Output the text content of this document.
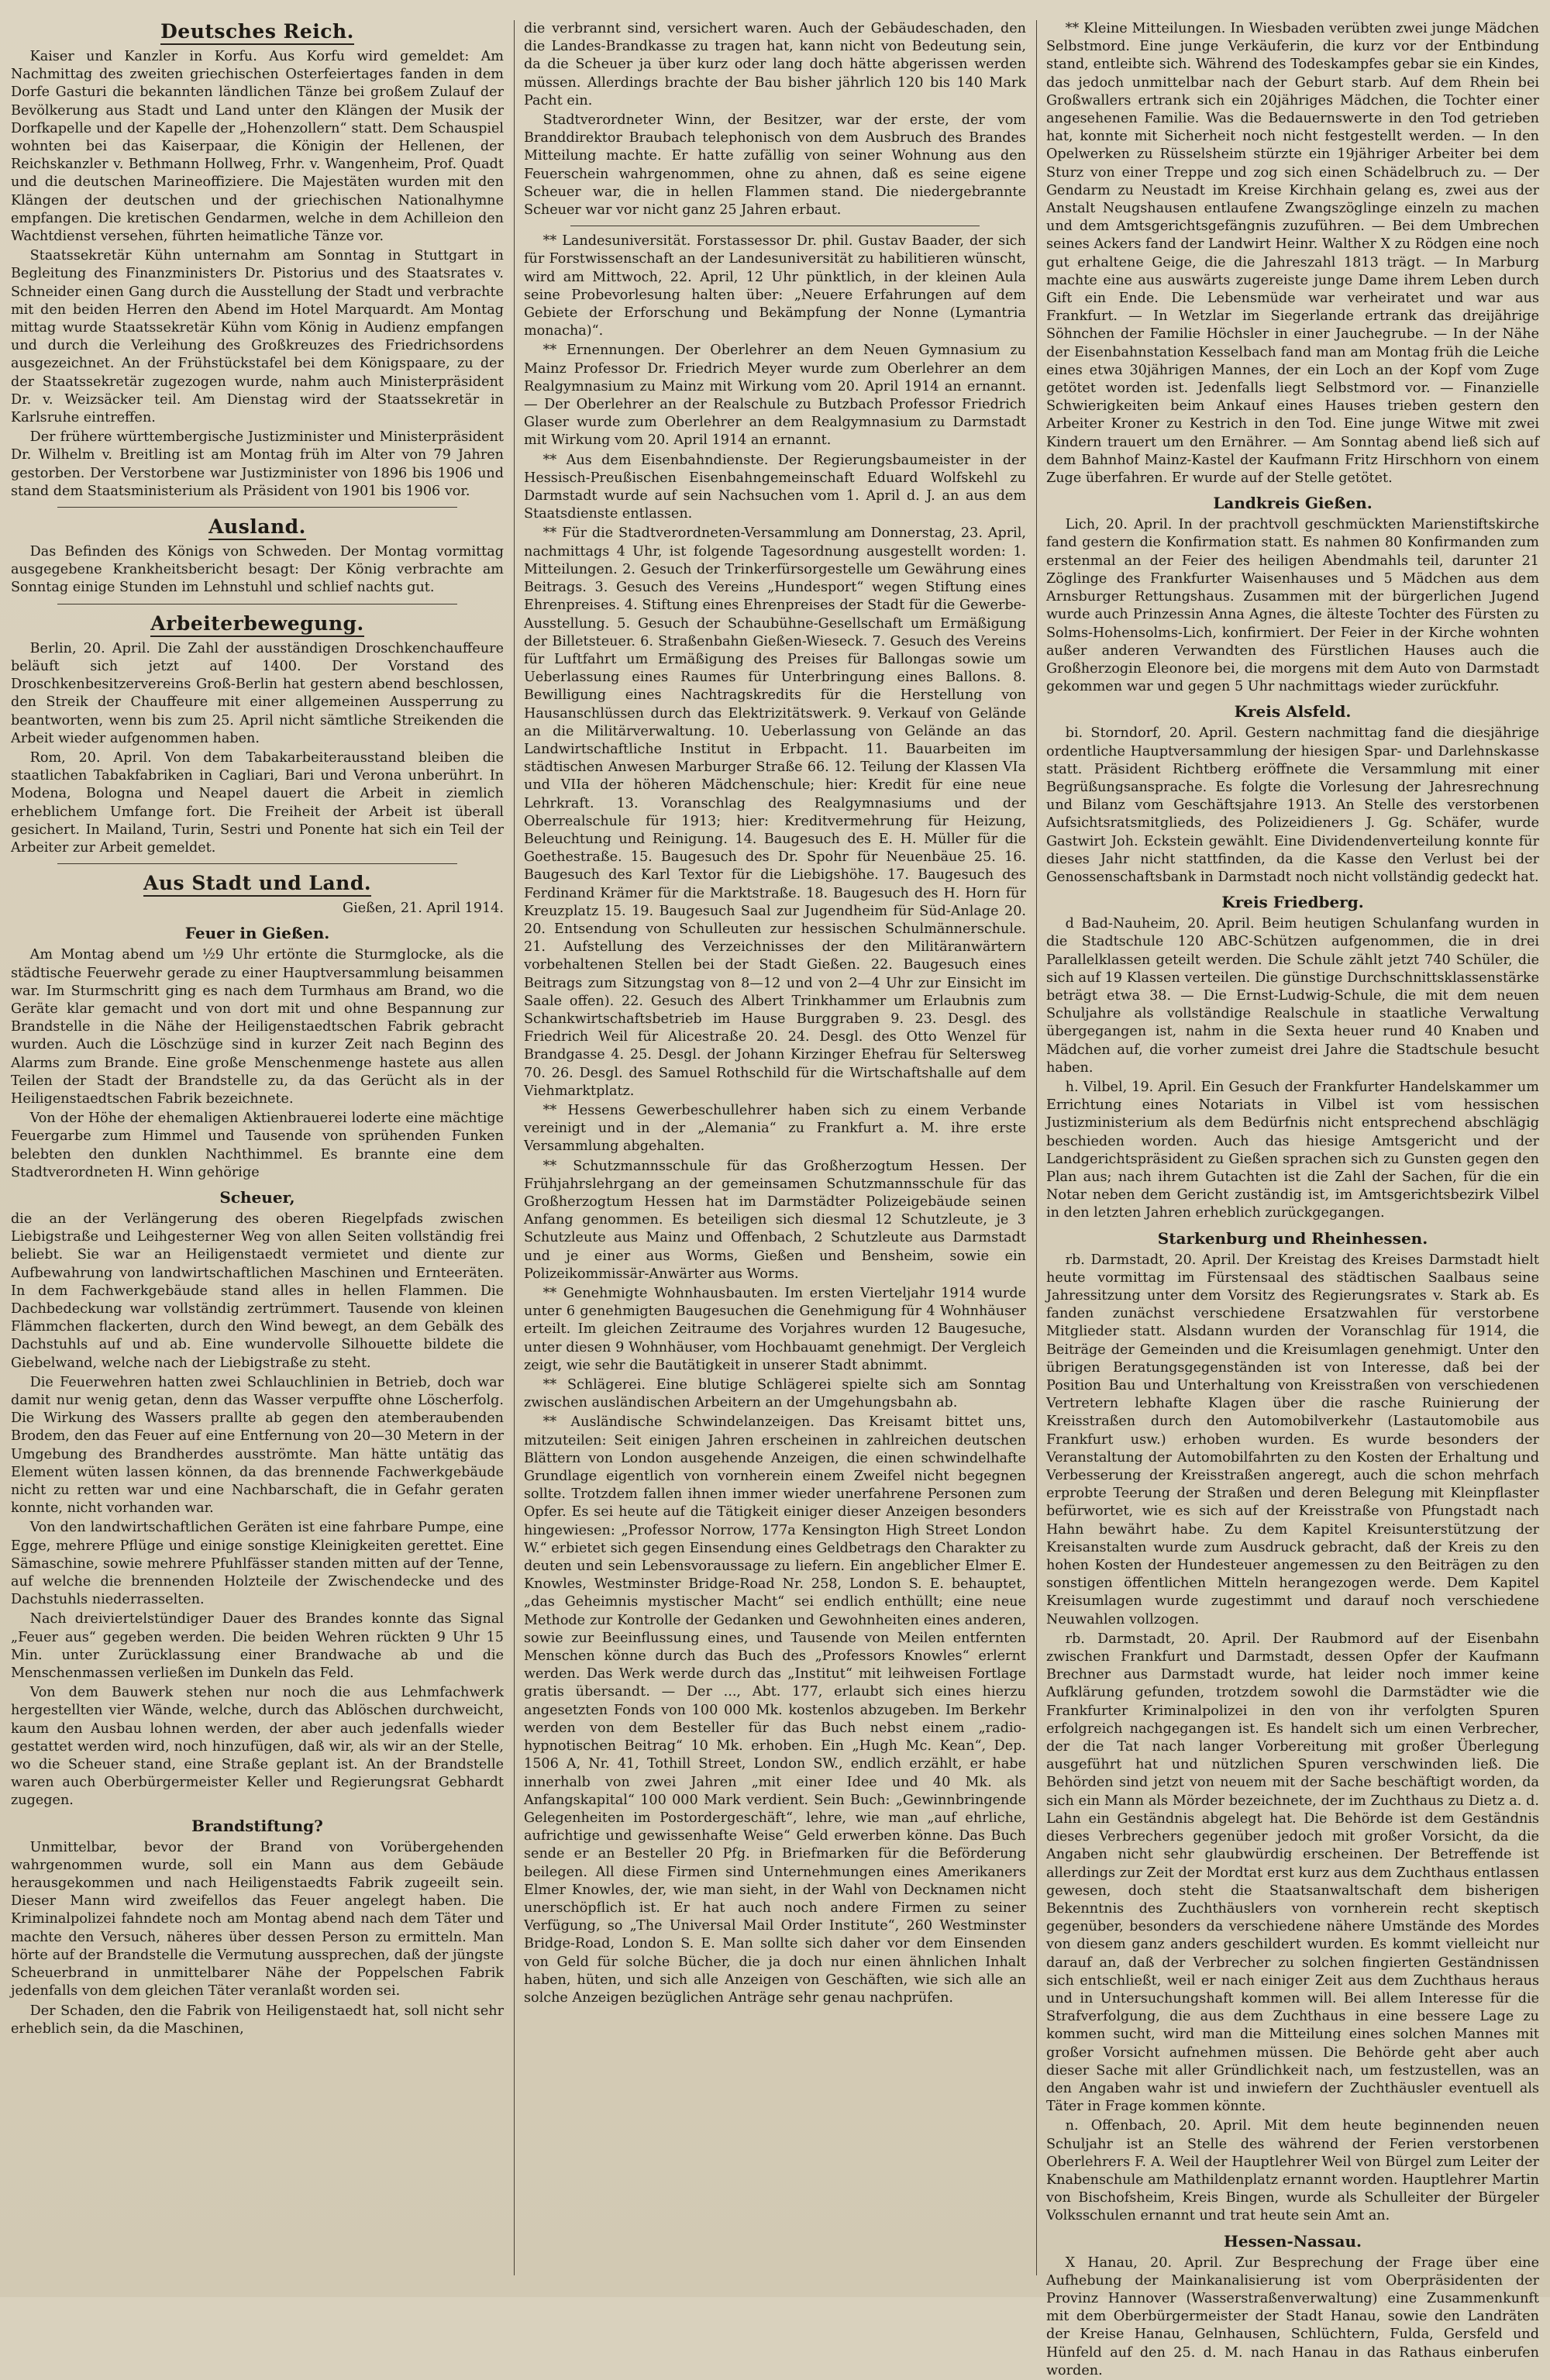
Deutsches Reich.

Kaiser und Kanzler in Korfu. Aus Korfu wird gemeldet: Am Nachmittag des zweiten griechischen Osterfeiertages fanden in dem Dorfe Gasturi die bekannten ländlichen Tänze bei großem Zulauf der Bevölkerung aus Stadt und Land unter den Klängen der Musik der Dorfkapelle und der Kapelle der „Hohenzollern“ statt. Dem Schauspiel wohnten bei das Kaiserpaar, die Königin der Hellenen, der Reichskanzler v. Bethmann Hollweg, Frhr. v. Wangenheim, Prof. Quadt und die deutschen Marineoffiziere. Die Majestäten wurden mit den Klängen der deutschen und der griechischen Nationalhymne empfangen. Die kretischen Gendarmen, welche in dem Achilleion den Wachtdienst versehen, führten heimatliche Tänze vor.

Staatssekretär Kühn unternahm am Sonntag in Stuttgart in Begleitung des Finanzministers Dr. Pistorius und des Staatsrates v. Schneider einen Gang durch die Ausstellung der Stadt und verbrachte mit den beiden Herren den Abend im Hotel Marquardt. Am Montag mittag wurde Staatssekretär Kühn vom König in Audienz empfangen und durch die Verleihung des Großkreuzes des Friedrichsordens ausgezeichnet. An der Frühstückstafel bei dem Königspaare, zu der der Staatssekretär zugezogen wurde, nahm auch Ministerpräsident Dr. v. Weizsäcker teil. Am Dienstag wird der Staatssekretär in Karlsruhe eintreffen.

Der frühere württembergische Justizminister und Ministerpräsident Dr. Wilhelm v. Breitling ist am Montag früh im Alter von 79 Jahren gestorben. Der Verstorbene war Justizminister von 1896 bis 1906 und stand dem Staatsministerium als Präsident von 1901 bis 1906 vor.

Ausland.

Das Befinden des Königs von Schweden. Der Montag vormittag ausgegebene Krankheitsbericht besagt: Der König verbrachte am Sonntag einige Stunden im Lehnstuhl und schlief nachts gut.

Arbeiterbewegung.

Berlin, 20. April. Die Zahl der ausständigen Droschkenchauffeure beläuft sich jetzt auf 1400. Der Vorstand des Droschkenbesitzervereins Groß-Berlin hat gestern abend beschlossen, den Streik der Chauffeure mit einer allgemeinen Aussperrung zu beantworten, wenn bis zum 25. April nicht sämtliche Streikenden die Arbeit wieder aufgenommen haben.

Rom, 20. April. Von dem Tabakarbeiterausstand bleiben die staatlichen Tabakfabriken in Cagliari, Bari und Verona unberührt. In Modena, Bologna und Neapel dauert die Arbeit in ziemlich erheblichem Umfange fort. Die Freiheit der Arbeit ist überall gesichert. In Mailand, Turin, Sestri und Ponente hat sich ein Teil der Arbeiter zur Arbeit gemeldet.

Aus Stadt und Land.
Gießen, 21. April 1914.
Feuer in Gießen.

Am Montag abend um ½9 Uhr ertönte die Sturmglocke, als die städtische Feuerwehr gerade zu einer Hauptversammlung beisammen war. Im Sturmschritt ging es nach dem Turmhaus am Brand, wo die Geräte klar gemacht und von dort mit und ohne Bespannung zur Brandstelle in die Nähe der Heiligenstaedtschen Fabrik gebracht wurden. Auch die Löschzüge sind in kurzer Zeit nach Beginn des Alarms zum Brande. Eine große Menschenmenge hastete aus allen Teilen der Stadt der Brandstelle zu, da das Gerücht als in der Heiligenstaedtschen Fabrik bezeichnete.

Von der Höhe der ehemaligen Aktienbrauerei loderte eine mächtige Feuergarbe zum Himmel und Tausende von sprühenden Funken belebten den dunklen Nachthimmel. Es brannte eine dem Stadtverordneten H. Winn gehörige

Scheuer,

die an der Verlängerung des oberen Riegelpfads zwischen Liebigstraße und Leihgesterner Weg von allen Seiten vollständig frei beliebt. Sie war an Heiligenstaedt vermietet und diente zur Aufbewahrung von landwirtschaftlichen Maschinen und Ernteeräten. In dem Fachwerkgebäude stand alles in hellen Flammen. Die Dachbedeckung war vollständig zertrümmert. Tausende von kleinen Flämmchen flackerten, durch den Wind bewegt, an dem Gebälk des Dachstuhls auf und ab. Eine wundervolle Silhouette bildete die Giebelwand, welche nach der Liebigstraße zu steht.

Die Feuerwehren hatten zwei Schlauchlinien in Betrieb, doch war damit nur wenig getan, denn das Wasser verpuffte ohne Löscherfolg. Die Wirkung des Wassers prallte ab gegen den atemberaubenden Brodem, den das Feuer auf eine Entfernung von 20—30 Metern in der Umgebung des Brandherdes ausströmte. Man hätte untätig das Element wüten lassen können, da das brennende Fachwerkgebäude nicht zu retten war und eine Nachbarschaft, die in Gefahr geraten konnte, nicht vorhanden war.

Von den landwirtschaftlichen Geräten ist eine fahrbare Pumpe, eine Egge, mehrere Pflüge und einige sonstige Kleinigkeiten gerettet. Eine Sämaschine, sowie mehrere Pfuhlfässer standen mitten auf der Tenne, auf welche die brennenden Holzteile der Zwischendecke und des Dachstuhls niederrasselten.

Nach dreiviertelstündiger Dauer des Brandes konnte das Signal „Feuer aus“ gegeben werden. Die beiden Wehren rückten 9 Uhr 15 Min. unter Zurücklassung einer Brandwache ab und die Menschenmassen verließen im Dunkeln das Feld.

Von dem Bauwerk stehen nur noch die aus Lehmfachwerk hergestellten vier Wände, welche, durch das Ablöschen durchweicht, kaum den Ausbau lohnen werden, der aber auch jedenfalls wieder gestattet werden wird, noch hinzufügen, daß wir, als wir an der Stelle, wo die Scheuer stand, eine Straße geplant ist. An der Brandstelle waren auch Oberbürgermeister Keller und Regierungsrat Gebhardt zugegen.

Brandstiftung?

Unmittelbar, bevor der Brand von Vorübergehenden wahrgenommen wurde, soll ein Mann aus dem Gebäude herausgekommen und nach Heiligenstaedts Fabrik zugeeilt sein. Dieser Mann wird zweifellos das Feuer angelegt haben. Die Kriminalpolizei fahndete noch am Montag abend nach dem Täter und machte den Versuch, näheres über dessen Person zu ermitteln. Man hörte auf der Brandstelle die Vermutung aussprechen, daß der jüngste Scheuerbrand in unmittelbarer Nähe der Poppelschen Fabrik jedenfalls von dem gleichen Täter veranlaßt worden sei.

Der Schaden, den die Fabrik von Heiligenstaedt hat, soll nicht sehr erheblich sein, da die Maschinen,

die verbrannt sind, versichert waren. Auch der Gebäudeschaden, den die Landes-Brandkasse zu tragen hat, kann nicht von Bedeutung sein, da die Scheuer ja über kurz oder lang doch hätte abgerissen werden müssen. Allerdings brachte der Bau bisher jährlich 120 bis 140 Mark Pacht ein.

Stadtverordneter Winn, der Besitzer, war der erste, der vom Branddirektor Braubach telephonisch von dem Ausbruch des Brandes Mitteilung machte. Er hatte zufällig von seiner Wohnung aus den Feuerschein wahrgenommen, ohne zu ahnen, daß es seine eigene Scheuer war, die in hellen Flammen stand. Die niedergebrannte Scheuer war vor nicht ganz 25 Jahren erbaut.

** Landesuniversität. Forstassessor Dr. phil. Gustav Baader, der sich für Forstwissenschaft an der Landesuniversität zu habilitieren wünscht, wird am Mittwoch, 22. April, 12 Uhr pünktlich, in der kleinen Aula seine Probevorlesung halten über: „Neuere Erfahrungen auf dem Gebiete der Erforschung und Bekämpfung der Nonne (Lymantria monacha)“.

** Ernennungen. Der Oberlehrer an dem Neuen Gymnasium zu Mainz Professor Dr. Friedrich Meyer wurde zum Oberlehrer an dem Realgymnasium zu Mainz mit Wirkung vom 20. April 1914 an ernannt. — Der Oberlehrer an der Realschule zu Butzbach Professor Friedrich Glaser wurde zum Oberlehrer an dem Realgymnasium zu Darmstadt mit Wirkung vom 20. April 1914 an ernannt.

** Aus dem Eisenbahndienste. Der Regierungsbaumeister in der Hessisch-Preußischen Eisenbahngemeinschaft Eduard Wolfskehl zu Darmstadt wurde auf sein Nachsuchen vom 1. April d. J. an aus dem Staatsdienste entlassen.

** Für die Stadtverordneten-Versammlung am Donnerstag, 23. April, nachmittags 4 Uhr, ist folgende Tagesordnung ausgestellt worden: 1. Mitteilungen. 2. Gesuch der Trinkerfürsorgestelle um Gewährung eines Beitrags. 3. Gesuch des Vereins „Hundesport“ wegen Stiftung eines Ehrenpreises. 4. Stiftung eines Ehrenpreises der Stadt für die Gewerbe-Ausstellung. 5. Gesuch der Schaubühne-Gesellschaft um Ermäßigung der Billetsteuer. 6. Straßenbahn Gießen-Wieseck. 7. Gesuch des Vereins für Luftfahrt um Ermäßigung des Preises für Ballongas sowie um Ueberlassung eines Raumes für Unterbringung eines Ballons. 8. Bewilligung eines Nachtragskredits für die Herstellung von Hausanschlüssen durch das Elektrizitätswerk. 9. Verkauf von Gelände an die Militärverwaltung. 10. Ueberlassung von Gelände an das Landwirtschaftliche Institut in Erbpacht. 11. Bauarbeiten im städtischen Anwesen Marburger Straße 66. 12. Teilung der Klassen VIa und VIIa der höheren Mädchenschule; hier: Kredit für eine neue Lehrkraft. 13. Voranschlag des Realgymnasiums und der Oberrealschule für 1913; hier: Kreditvermehrung für Heizung, Beleuchtung und Reinigung. 14. Baugesuch des E. H. Müller für die Goethestraße. 15. Baugesuch des Dr. Spohr für Neuenbäue 25. 16. Baugesuch des Karl Textor für die Liebigshöhe. 17. Baugesuch des Ferdinand Krämer für die Marktstraße. 18. Baugesuch des H. Horn für Kreuzplatz 15. 19. Baugesuch Saal zur Jugendheim für Süd-Anlage 20. 20. Entsendung von Schulleuten zur hessischen Schulmännerschule. 21. Aufstellung des Verzeichnisses der den Militäranwärtern vorbehaltenen Stellen bei der Stadt Gießen. 22. Baugesuch eines Beitrags zum Sitzungstag von 8—12 und von 2—4 Uhr zur Einsicht im Saale offen). 22. Gesuch des Albert Trinkhammer um Erlaubnis zum Schankwirtschaftsbetrieb im Hause Burggraben 9. 23. Desgl. des Friedrich Weil für Alicestraße 20. 24. Desgl. des Otto Wenzel für Brandgasse 4. 25. Desgl. der Johann Kirzinger Ehefrau für Seltersweg 70. 26. Desgl. des Samuel Rothschild für die Wirtschaftshalle auf dem Viehmarktplatz.

** Hessens Gewerbeschullehrer haben sich zu einem Verbande vereinigt und in der „Alemania“ zu Frankfurt a. M. ihre erste Versammlung abgehalten.

** Schutzmannsschule für das Großherzogtum Hessen. Der Frühjahrslehrgang an der gemeinsamen Schutzmannsschule für das Großherzogtum Hessen hat im Darmstädter Polizeigebäude seinen Anfang genommen. Es beteiligen sich diesmal 12 Schutzleute, je 3 Schutzleute aus Mainz und Offenbach, 2 Schutzleute aus Darmstadt und je einer aus Worms, Gießen und Bensheim, sowie ein Polizeikommissär-Anwärter aus Worms.

** Genehmigte Wohnhausbauten. Im ersten Vierteljahr 1914 wurde unter 6 genehmigten Baugesuchen die Genehmigung für 4 Wohnhäuser erteilt. Im gleichen Zeitraume des Vorjahres wurden 12 Baugesuche, unter diesen 9 Wohnhäuser, vom Hochbauamt genehmigt. Der Vergleich zeigt, wie sehr die Bautätigkeit in unserer Stadt abnimmt.

** Schlägerei. Eine blutige Schlägerei spielte sich am Sonntag zwischen ausländischen Arbeitern an der Umgehungsbahn ab.

** Ausländische Schwindelanzeigen. Das Kreisamt bittet uns, mitzuteilen: Seit einigen Jahren erscheinen in zahlreichen deutschen Blättern von London ausgehende Anzeigen, die einen schwindelhafte Grundlage eigentlich von vornherein einem Zweifel nicht begegnen sollte. Trotzdem fallen ihnen immer wieder unerfahrene Personen zum Opfer. Es sei heute auf die Tätigkeit einiger dieser Anzeigen besonders hingewiesen: „Professor Norrow, 177a Kensington High Street London W.“ erbietet sich gegen Einsendung eines Geldbetrags den Charakter zu deuten und sein Lebensvoraussage zu liefern. Ein angeblicher Elmer E. Knowles, Westminster Bridge-Road Nr. 258, London S. E. behauptet, „das Geheimnis mystischer Macht“ sei endlich enthüllt; eine neue Methode zur Kontrolle der Gedanken und Gewohnheiten eines anderen, sowie zur Beeinflussung eines, und Tausende von Meilen entfernten Menschen könne durch das Buch des „Professors Knowles“ erlernt werden. Das Werk werde durch das „Institut“ mit leihweisen Fortlage gratis übersandt. — Der ..., Abt. 177, erlaubt sich eines hierzu angesetzten Fonds von 100 000 Mk. kostenlos abzugeben. Im Berkehr werden von dem Besteller für das Buch nebst einem „radio-hypnotischen Beitrag“ 10 Mk. erhoben. Ein „Hugh Mc. Kean“, Dep. 1506 A, Nr. 41, Tothill Street, London SW., endlich erzählt, er habe innerhalb von zwei Jahren „mit einer Idee und 40 Mk. als Anfangskapital“ 100 000 Mark verdient. Sein Buch: „Gewinnbringende Gelegenheiten im Postordergeschäft“, lehre, wie man „auf ehrliche, aufrichtige und gewissenhafte Weise“ Geld erwerben könne. Das Buch sende er an Besteller 20 Pfg. in Briefmarken für die Beförderung beilegen. All diese Firmen sind Unternehmungen eines Amerikaners Elmer Knowles, der, wie man sieht, in der Wahl von Decknamen nicht unerschöpflich ist. Er hat auch noch andere Firmen zu seiner Verfügung, so „The Universal Mail Order Institute“, 260 Westminster Bridge-Road, London S. E. Man sollte sich daher vor dem Einsenden von Geld für solche Bücher, die ja doch nur einen ähnlichen Inhalt haben, hüten, und sich alle Anzeigen von Geschäften, wie sich alle an solche Anzeigen bezüglichen Anträge sehr genau nachprüfen.

** Kleine Mitteilungen. In Wiesbaden verübten zwei junge Mädchen Selbstmord. Eine junge Verkäuferin, die kurz vor der Entbindung stand, entleibte sich. Während des Todeskampfes gebar sie ein Kindes, das jedoch unmittelbar nach der Geburt starb. Auf dem Rhein bei Großwallers ertrank sich ein 20jähriges Mädchen, die Tochter einer angesehenen Familie. Was die Bedauernswerte in den Tod getrieben hat, konnte mit Sicherheit noch nicht festgestellt werden. — In den Opelwerken zu Rüsselsheim stürzte ein 19jähriger Arbeiter bei dem Sturz von einer Treppe und zog sich einen Schädelbruch zu. — Der Gendarm zu Neustadt im Kreise Kirchhain gelang es, zwei aus der Anstalt Neugshausen entlaufene Zwangszöglinge einzeln zu machen und dem Amtsgerichtsgefängnis zuzuführen. — Bei dem Umbrechen seines Ackers fand der Landwirt Heinr. Walther X zu Rödgen eine noch gut erhaltene Geige, die die Jahreszahl 1813 trägt. — In Marburg machte eine aus auswärts zugereiste junge Dame ihrem Leben durch Gift ein Ende. Die Lebensmüde war verheiratet und war aus Frankfurt. — In Wetzlar im Siegerlande ertrank das dreijährige Söhnchen der Familie Höchsler in einer Jauchegrube. — In der Nähe der Eisenbahnstation Kesselbach fand man am Montag früh die Leiche eines etwa 30jährigen Mannes, der ein Loch an der Kopf vom Zuge getötet worden ist. Jedenfalls liegt Selbstmord vor. — Finanzielle Schwierigkeiten beim Ankauf eines Hauses trieben gestern den Arbeiter Kroner zu Kestrich in den Tod. Eine junge Witwe mit zwei Kindern trauert um den Ernährer. — Am Sonntag abend ließ sich auf dem Bahnhof Mainz-Kastel der Kaufmann Fritz Hirschhorn von einem Zuge überfahren. Er wurde auf der Stelle getötet.

Landkreis Gießen.

Lich, 20. April. In der prachtvoll geschmückten Marienstiftskirche fand gestern die Konfirmation statt. Es nahmen 80 Konfirmanden zum erstenmal an der Feier des heiligen Abendmahls teil, darunter 21 Zöglinge des Frankfurter Waisenhauses und 5 Mädchen aus dem Arnsburger Rettungshaus. Zusammen mit der bürgerlichen Jugend wurde auch Prinzessin Anna Agnes, die älteste Tochter des Fürsten zu Solms-Hohensolms-Lich, konfirmiert. Der Feier in der Kirche wohnten außer anderen Verwandten des Fürstlichen Hauses auch die Großherzogin Eleonore bei, die morgens mit dem Auto von Darmstadt gekommen war und gegen 5 Uhr nachmittags wieder zurückfuhr.

Kreis Alsfeld.

bi. Storndorf, 20. April. Gestern nachmittag fand die diesjährige ordentliche Hauptversammlung der hiesigen Spar- und Darlehnskasse statt. Präsident Richtberg eröffnete die Versammlung mit einer Begrüßungsansprache. Es folgte die Vorlesung der Jahresrechnung und Bilanz vom Geschäftsjahre 1913. An Stelle des verstorbenen Aufsichtsratsmitglieds, des Polizeidieners J. Gg. Schäfer, wurde Gastwirt Joh. Eckstein gewählt. Eine Dividendenverteilung konnte für dieses Jahr nicht stattfinden, da die Kasse den Verlust bei der Genossenschaftsbank in Darmstadt noch nicht vollständig gedeckt hat.

Kreis Friedberg.

d Bad-Nauheim, 20. April. Beim heutigen Schulanfang wurden in die Stadtschule 120 ABC-Schützen aufgenommen, die in drei Parallelklassen geteilt werden. Die Schule zählt jetzt 740 Schüler, die sich auf 19 Klassen verteilen. Die günstige Durchschnittsklassenstärke beträgt etwa 38. — Die Ernst-Ludwig-Schule, die mit dem neuen Schuljahre als vollständige Realschule in staatliche Verwaltung übergegangen ist, nahm in die Sexta heuer rund 40 Knaben und Mädchen auf, die vorher zumeist drei Jahre die Stadtschule besucht haben.

h. Vilbel, 19. April. Ein Gesuch der Frankfurter Handelskammer um Errichtung eines Notariats in Vilbel ist vom hessischen Justizministerium als dem Bedürfnis nicht entsprechend abschlägig beschieden worden. Auch das hiesige Amtsgericht und der Landgerichtspräsident zu Gießen sprachen sich zu Gunsten gegen den Plan aus; nach ihrem Gutachten ist die Zahl der Sachen, für die ein Notar neben dem Gericht zuständig ist, im Amtsgerichtsbezirk Vilbel in den letzten Jahren erheblich zurückgegangen.

Starkenburg und Rheinhessen.

rb. Darmstadt, 20. April. Der Kreistag des Kreises Darmstadt hielt heute vormittag im Fürstensaal des städtischen Saalbaus seine Jahressitzung unter dem Vorsitz des Regierungsrates v. Stark ab. Es fanden zunächst verschiedene Ersatzwahlen für verstorbene Mitglieder statt. Alsdann wurden der Voranschlag für 1914, die Beiträge der Gemeinden und die Kreisumlagen genehmigt. Unter den übrigen Beratungsgegenständen ist von Interesse, daß bei der Position Bau und Unterhaltung von Kreisstraßen von verschiedenen Vertretern lebhafte Klagen über die rasche Ruinierung der Kreisstraßen durch den Automobilverkehr (Lastautomobile aus Frankfurt usw.) erhoben wurden. Es wurde besonders der Veranstaltung der Automobilfahrten zu den Kosten der Erhaltung und Verbesserung der Kreisstraßen angeregt, auch die schon mehrfach erprobte Teerung der Straßen und deren Belegung mit Kleinpflaster befürwortet, wie es sich auf der Kreisstraße von Pfungstadt nach Hahn bewährt habe. Zu dem Kapitel Kreisunterstützung der Kreisanstalten wurde zum Ausdruck gebracht, daß der Kreis zu den hohen Kosten der Hundesteuer angemessen zu den Beiträgen zu den sonstigen öffentlichen Mitteln herangezogen werde. Dem Kapitel Kreisumlagen wurde zugestimmt und darauf noch verschiedene Neuwahlen vollzogen.

rb. Darmstadt, 20. April. Der Raubmord auf der Eisenbahn zwischen Frankfurt und Darmstadt, dessen Opfer der Kaufmann Brechner aus Darmstadt wurde, hat leider noch immer keine Aufklärung gefunden, trotzdem sowohl die Darmstädter wie die Frankfurter Kriminalpolizei in den von ihr verfolgten Spuren erfolgreich nachgegangen ist. Es handelt sich um einen Verbrecher, der die Tat nach langer Vorbereitung mit großer Überlegung ausgeführt hat und nützlichen Spuren verschwinden ließ. Die Behörden sind jetzt von neuem mit der Sache beschäftigt worden, da sich ein Mann als Mörder bezeichnete, der im Zuchthaus zu Dietz a. d. Lahn ein Geständnis abgelegt hat. Die Behörde ist dem Geständnis dieses Verbrechers gegenüber jedoch mit großer Vorsicht, da die Angaben nicht sehr glaubwürdig erscheinen. Der Betreffende ist allerdings zur Zeit der Mordtat erst kurz aus dem Zuchthaus entlassen gewesen, doch steht die Staatsanwaltschaft dem bisherigen Bekenntnis des Zuchthäuslers von vornherein recht skeptisch gegenüber, besonders da verschiedene nähere Umstände des Mordes von diesem ganz anders geschildert wurden. Es kommt vielleicht nur darauf an, daß der Verbrecher zu solchen fingierten Geständnissen sich entschließt, weil er nach einiger Zeit aus dem Zuchthaus heraus und in Untersuchungshaft kommen will. Bei allem Interesse für die Strafverfolgung, die aus dem Zuchthaus in eine bessere Lage zu kommen sucht, wird man die Mitteilung eines solchen Mannes mit großer Vorsicht aufnehmen müssen. Die Behörde geht aber auch dieser Sache mit aller Gründlichkeit nach, um festzustellen, was an den Angaben wahr ist und inwiefern der Zuchthäusler eventuell als Täter in Frage kommen könnte.

n. Offenbach, 20. April. Mit dem heute beginnenden neuen Schuljahr ist an Stelle des während der Ferien verstorbenen Oberlehrers F. A. Weil der Hauptlehrer Weil von Bürgel zum Leiter der Knabenschule am Mathildenplatz ernannt worden. Hauptlehrer Martin von Bischofsheim, Kreis Bingen, wurde als Schulleiter der Bürgeler Volksschulen ernannt und trat heute sein Amt an.

Hessen-Nassau.

X Hanau, 20. April. Zur Besprechung der Frage über eine Aufhebung der Mainkanalisierung ist vom Oberpräsidenten der Provinz Hannover (Wasserstraßenverwaltung) eine Zusammenkunft mit dem Oberbürgermeister der Stadt Hanau, sowie den Landräten der Kreise Hanau, Gelnhausen, Schlüchtern, Fulda, Gersfeld und Hünfeld auf den 25. d. M. nach Hanau in das Rathaus einberufen worden.
